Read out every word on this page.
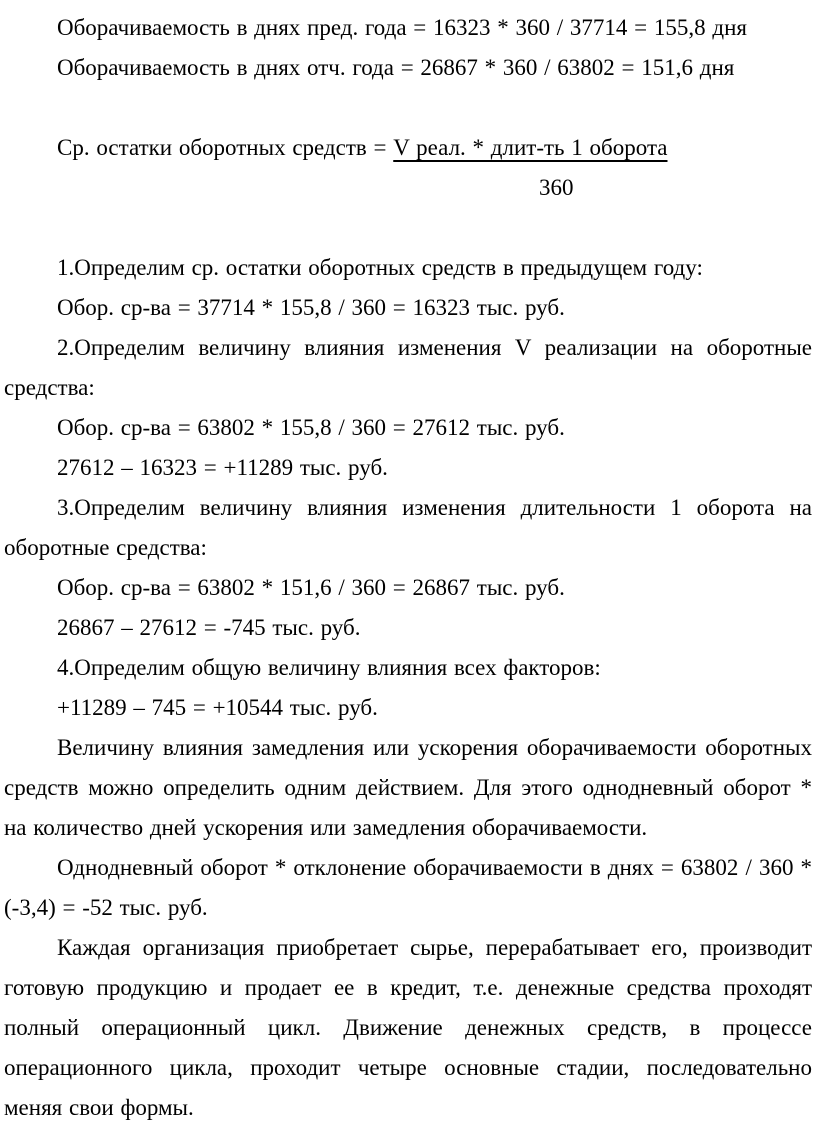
Оборачиваемость в днях пред. года = 16323 * 360 / 37714 = 155,8 дня

Оборачиваемость в днях отч. года = 26867 * 360 / 63802 = 151,6 дня

Ср. остатки оборотных средств = V реал. * длит-ть 1 оборота

360

1.Определим ср. остатки оборотных средств в предыдущем году:

Обор. ср-ва = 37714 * 155,8 / 360 = 16323 тыс. руб.

2.Определим величину влияния изменения V реализации на оборотные средства:

Обор. ср-ва = 63802 * 155,8 / 360 = 27612 тыс. руб.

27612 – 16323 = +11289 тыс. руб.

3.Определим величину влияния изменения длительности 1 оборота на оборотные средства:

Обор. ср-ва = 63802 * 151,6 / 360 = 26867 тыс. руб.

26867 – 27612 = -745 тыс. руб.

4.Определим общую величину влияния всех факторов:

+11289 – 745 = +10544 тыс. руб.

Величину влияния замедления или ускорения оборачиваемости оборотных средств можно определить одним действием. Для этого однодневный оборот * на количество дней ускорения или замедления оборачиваемости.

Однодневный оборот * отклонение оборачиваемости в днях = 63802 / 360 * (-3,4) = -52 тыс. руб.

Каждая организация приобретает сырье, перерабатывает его, производит готовую продукцию и продает ее в кредит, т.е. денежные средства проходят полный операционный цикл. Движение денежных средств, в процессе операционного цикла, проходит четыре основные стадии, последовательно меняя свои формы.
